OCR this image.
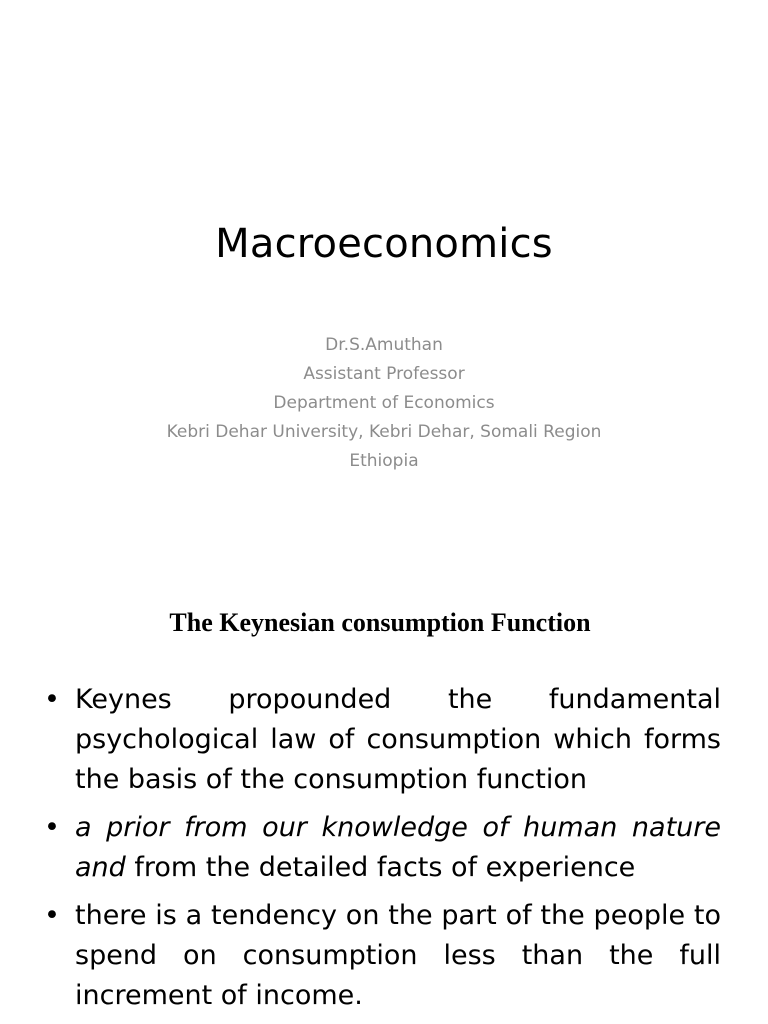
Macroeconomics
Dr.S.Amuthan
Assistant Professor
Department of Economics
Kebri Dehar University, Kebri Dehar, Somali Region
Ethiopia
The Keynesian consumption Function
• Keynes propounded the fundamental psychological law of consumption which forms the basis of the consumption function
• a prior from our knowledge of human nature and from the detailed facts of experience
• there is a tendency on the part of the people to spend on consumption less than the full increment of income.
